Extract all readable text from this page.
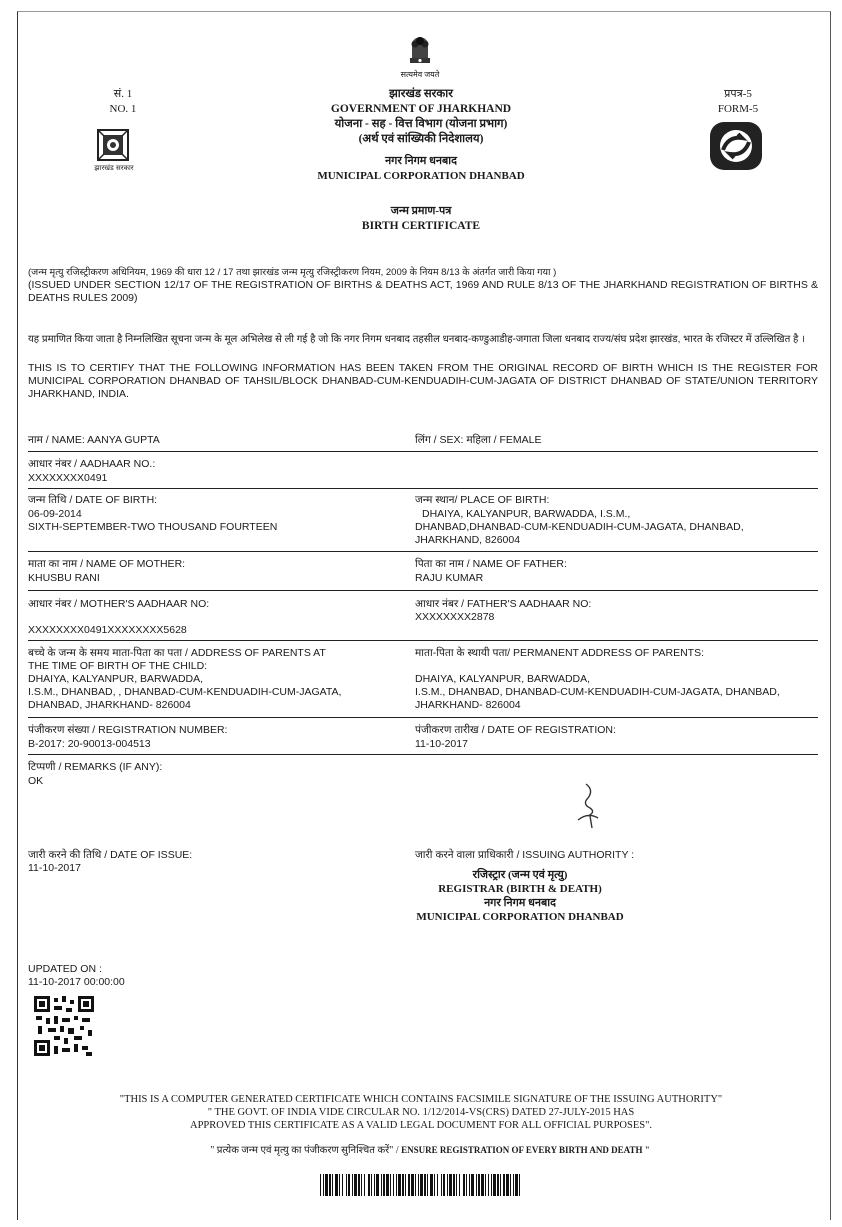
सत्यमेव जयते
सं. 1
NO. 1
झारखंड सरकार
झारखंड सरकार
GOVERNMENT OF JHARKHAND
योजना - सह - वित्त विभाग (योजना प्रभाग)
(अर्थ एवं सांख्यिकी निदेशालय)
नगर निगम धनबाद
MUNICIPAL CORPORATION DHANBAD
प्रपत्र-5
FORM-5
जन्म प्रमाण-पत्र
BIRTH CERTIFICATE
(जन्म मृत्यु रजिस्ट्रीकरण अधिनियम, 1969 की धारा 12 / 17 तथा झारखंड जन्म मृत्यु रजिस्ट्रीकरण नियम, 2009 के नियम 8/13 के अंतर्गत जारी किया गया )
(ISSUED UNDER SECTION 12/17 OF THE REGISTRATION OF BIRTHS & DEATHS ACT, 1969 AND RULE 8/13 OF THE JHARKHAND REGISTRATION OF BIRTHS & DEATHS RULES 2009)
यह प्रमाणित किया जाता है निम्नलिखित सूचना जन्म के मूल अभिलेख से ली गई है जो कि नगर निगम धनबाद तहसील धनबाद-कण्डुआडीह-जगाता जिला धनबाद राज्य/संघ प्रदेश झारखंड, भारत के रजिस्टर में उल्लिखित है ।
THIS IS TO CERTIFY THAT THE FOLLOWING INFORMATION HAS BEEN TAKEN FROM THE ORIGINAL RECORD OF BIRTH WHICH IS THE REGISTER FOR MUNICIPAL CORPORATION DHANBAD OF TAHSIL/BLOCK DHANBAD-CUM-KENDUADIH-CUM-JAGATA OF DISTRICT DHANBAD OF STATE/UNION TERRITORY JHARKHAND, INDIA.
नाम / NAME: AANYA GUPTA	लिंग / SEX: महिला / FEMALE
आधार नंबर / AADHAAR NO.:
XXXXXXXX0491
जन्म तिथि / DATE OF BIRTH:
06-09-2014
SIXTH-SEPTEMBER-TWO THOUSAND FOURTEEN
जन्म स्थान/ PLACE OF BIRTH:
DHAIYA, KALYANPUR, BARWADDA, I.S.M.,
DHANBAD,DHANBAD-CUM-KENDUADIH-CUM-JAGATA, DHANBAD,
JHARKHAND, 826004
माता का नाम / NAME OF MOTHER:
KHUSBU RANI
पिता का नाम / NAME OF FATHER:
RAJU KUMAR
आधार नंबर / MOTHER'S AADHAAR NO:
XXXXXXXX0491XXXXXXXX5628
आधार नंबर / FATHER'S AADHAAR NO:
XXXXXXXX2878
बच्चे के जन्म के समय माता-पिता का पता / ADDRESS OF PARENTS AT
THE TIME OF BIRTH OF THE CHILD:
DHAIYA, KALYANPUR, BARWADDA,
I.S.M., DHANBAD, , DHANBAD-CUM-KENDUADIH-CUM-JAGATA,
DHANBAD, JHARKHAND- 826004
माता-पिता के स्थायी पता/ PERMANENT ADDRESS OF PARENTS:
DHAIYA, KALYANPUR, BARWADDA,
I.S.M., DHANBAD, DHANBAD-CUM-KENDUADIH-CUM-JAGATA, DHANBAD,
JHARKHAND- 826004
पंजीकरण संख्या / REGISTRATION NUMBER:
B-2017: 20-90013-004513
पंजीकरण तारीख / DATE OF REGISTRATION:
11-10-2017
टिप्पणी / REMARKS (IF ANY):
OK
जारी करने की तिथि / DATE OF ISSUE:
11-10-2017
जारी करने वाला प्राधिकारी / ISSUING AUTHORITY :
रजिस्ट्रार (जन्म एवं मृत्यु)
REGISTRAR (BIRTH & DEATH)
नगर निगम धनबाद
MUNICIPAL CORPORATION DHANBAD
UPDATED ON :
11-10-2017 00:00:00
"THIS IS A COMPUTER GENERATED CERTIFICATE WHICH CONTAINS FACSIMILE SIGNATURE OF THE ISSUING AUTHORITY"
" THE GOVT. OF INDIA VIDE CIRCULAR NO. 1/12/2014-VS(CRS) DATED 27-JULY-2015 HAS
APPROVED THIS CERTIFICATE AS A VALID LEGAL DOCUMENT FOR ALL OFFICIAL PURPOSES".
" प्रत्येक जन्म एवं मृत्यु का पंजीकरण सुनिश्चित करें" / ENSURE REGISTRATION OF EVERY BIRTH AND DEATH "
